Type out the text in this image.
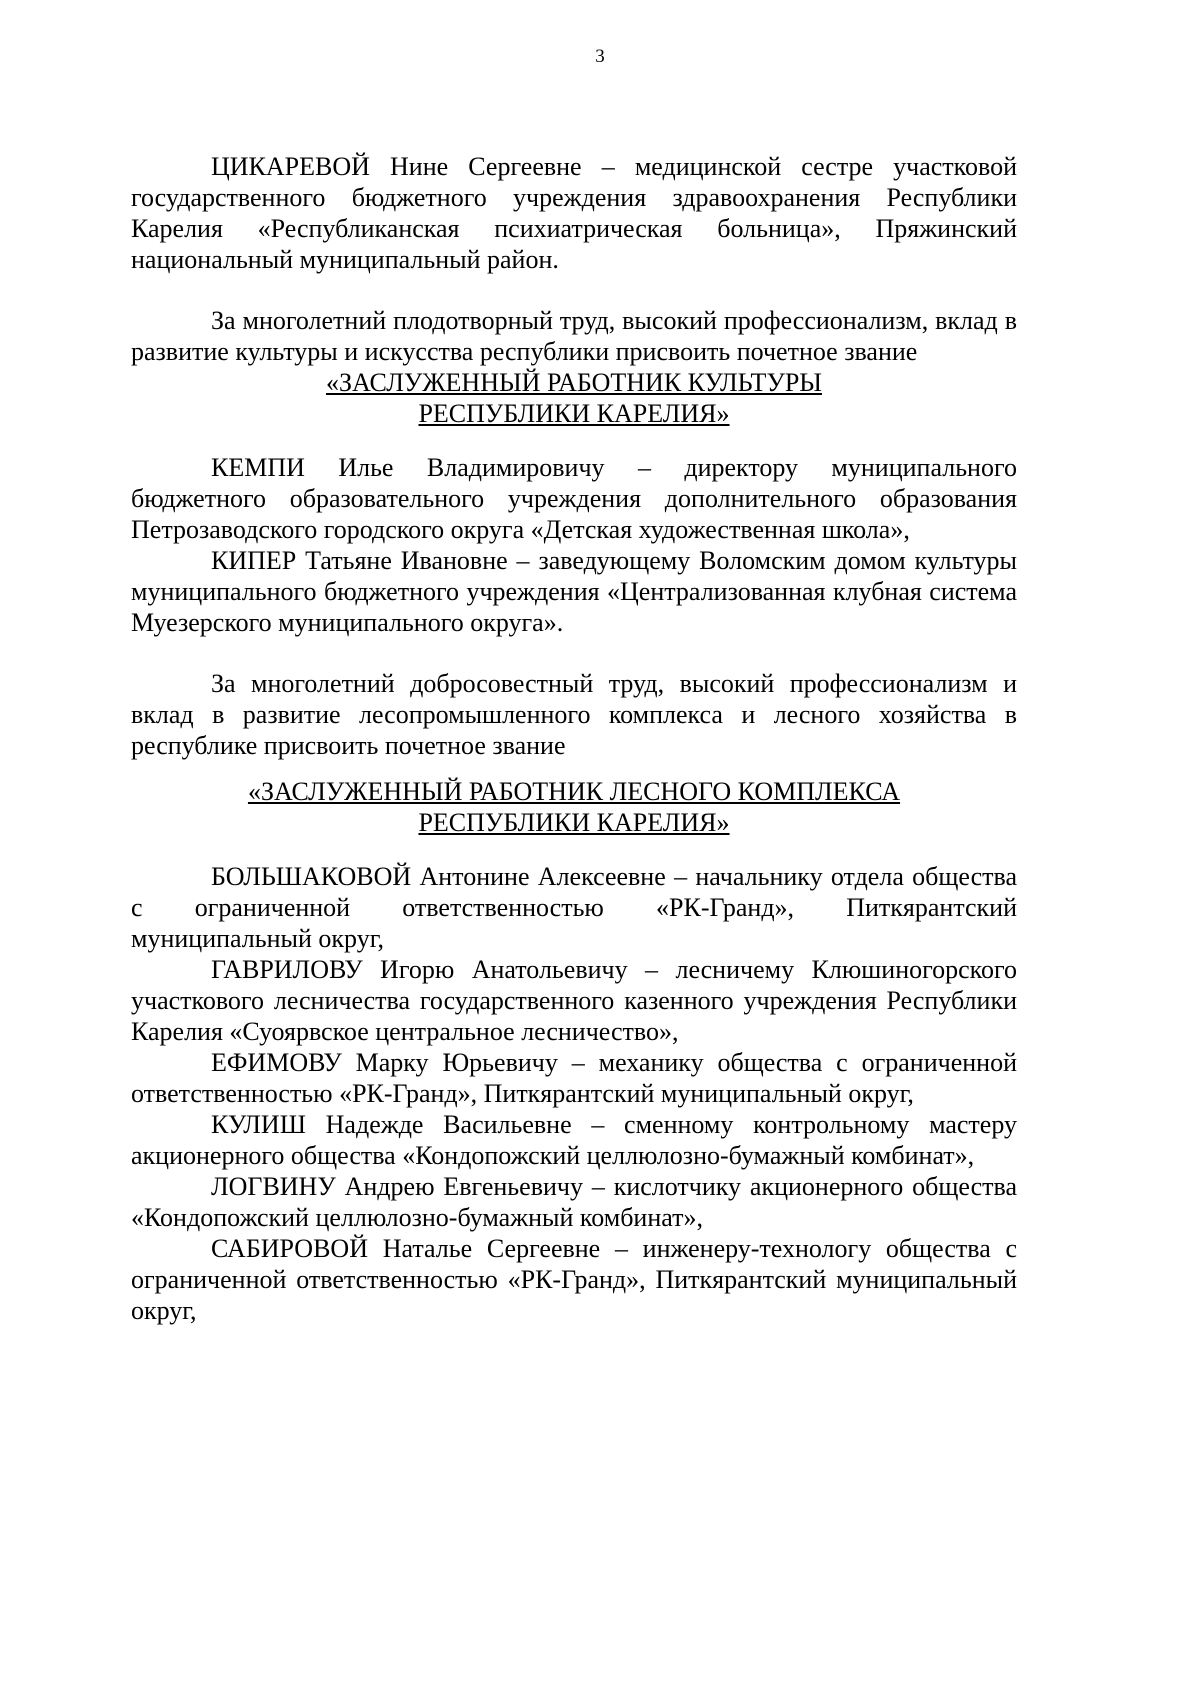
3

ЦИКАРЕВОЙ Нине Сергеевне – медицинской сестре участковой государственного бюджетного учреждения здравоохранения Республики Карелия «Республиканская психиатрическая больница», Пряжинский национальный муниципальный район.

За многолетний плодотворный труд, высокий профессионализм, вклад в развитие культуры и искусства республики присвоить почетное звание

«ЗАСЛУЖЕННЫЙ РАБОТНИК КУЛЬТУРЫ
РЕСПУБЛИКИ КАРЕЛИЯ»

КЕМПИ Илье Владимировичу – директору муниципального бюджетного образовательного учреждения дополнительного образования Петрозаводского городского округа «Детская художественная школа»,

КИПЕР Татьяне Ивановне – заведующему Воломским домом культуры муниципального бюджетного учреждения «Централизованная клубная система Муезерского муниципального округа».

За многолетний добросовестный труд, высокий профессионализм и вклад в развитие лесопромышленного комплекса и лесного хозяйства в республике присвоить почетное звание

«ЗАСЛУЖЕННЫЙ РАБОТНИК ЛЕСНОГО КОМПЛЕКСА
РЕСПУБЛИКИ КАРЕЛИЯ»

БОЛЬШАКОВОЙ Антонине Алексеевне – начальнику отдела общества с ограниченной ответственностью «РК-Гранд», Питкярантский муниципальный округ,

ГАВРИЛОВУ Игорю Анатольевичу – лесничему Клюшиногорского участкового лесничества государственного казенного учреждения Республики Карелия «Суоярвское центральное лесничество»,

ЕФИМОВУ Марку Юрьевичу – механику общества с ограниченной ответственностью «РК-Гранд», Питкярантский муниципальный округ,

КУЛИШ Надежде Васильевне – сменному контрольному мастеру акционерного общества «Кондопожский целлюлозно-бумажный комбинат»,

ЛОГВИНУ Андрею Евгеньевичу – кислотчику акционерного общества «Кондопожский целлюлозно-бумажный комбинат»,

САБИРОВОЙ Наталье Сергеевне – инженеру-технологу общества с ограниченной ответственностью «РК-Гранд», Питкярантский муниципальный округ,
